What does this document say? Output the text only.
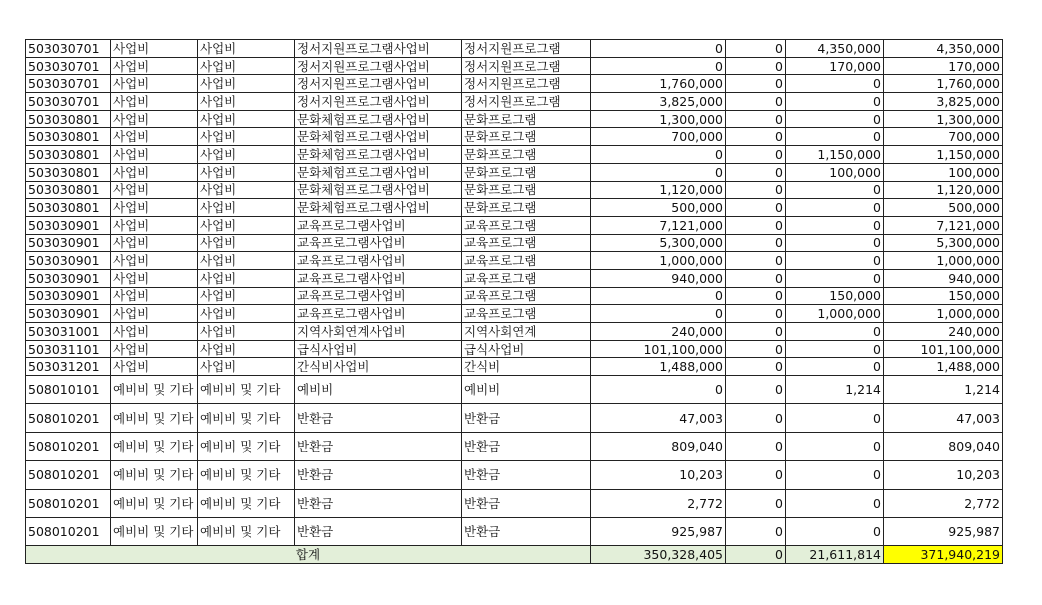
503030701	사업비	사업비	정서지원프로그램사업비	정서지원프로그램	0	0	4,350,000	4,350,000
503030701	사업비	사업비	정서지원프로그램사업비	정서지원프로그램	0	0	170,000	170,000
503030701	사업비	사업비	정서지원프로그램사업비	정서지원프로그램	1,760,000	0	0	1,760,000
503030701	사업비	사업비	정서지원프로그램사업비	정서지원프로그램	3,825,000	0	0	3,825,000
503030801	사업비	사업비	문화체험프로그램사업비	문화프로그램	1,300,000	0	0	1,300,000
503030801	사업비	사업비	문화체험프로그램사업비	문화프로그램	700,000	0	0	700,000
503030801	사업비	사업비	문화체험프로그램사업비	문화프로그램	0	0	1,150,000	1,150,000
503030801	사업비	사업비	문화체험프로그램사업비	문화프로그램	0	0	100,000	100,000
503030801	사업비	사업비	문화체험프로그램사업비	문화프로그램	1,120,000	0	0	1,120,000
503030801	사업비	사업비	문화체험프로그램사업비	문화프로그램	500,000	0	0	500,000
503030901	사업비	사업비	교육프로그램사업비	교육프로그램	7,121,000	0	0	7,121,000
503030901	사업비	사업비	교육프로그램사업비	교육프로그램	5,300,000	0	0	5,300,000
503030901	사업비	사업비	교육프로그램사업비	교육프로그램	1,000,000	0	0	1,000,000
503030901	사업비	사업비	교육프로그램사업비	교육프로그램	940,000	0	0	940,000
503030901	사업비	사업비	교육프로그램사업비	교육프로그램	0	0	150,000	150,000
503030901	사업비	사업비	교육프로그램사업비	교육프로그램	0	0	1,000,000	1,000,000
503031001	사업비	사업비	지역사회연계사업비	지역사회연계	240,000	0	0	240,000
503031101	사업비	사업비	급식사업비	급식사업비	101,100,000	0	0	101,100,000
503031201	사업비	사업비	간식비사업비	간식비	1,488,000	0	0	1,488,000
508010101	예비비 및 기타	예비비 및 기타	예비비	예비비	0	0	1,214	1,214
508010201	예비비 및 기타	예비비 및 기타	반환금	반환금	47,003	0	0	47,003
508010201	예비비 및 기타	예비비 및 기타	반환금	반환금	809,040	0	0	809,040
508010201	예비비 및 기타	예비비 및 기타	반환금	반환금	10,203	0	0	10,203
508010201	예비비 및 기타	예비비 및 기타	반환금	반환금	2,772	0	0	2,772
508010201	예비비 및 기타	예비비 및 기타	반환금	반환금	925,987	0	0	925,987
합계					350,328,405	0	21,611,814	371,940,219
